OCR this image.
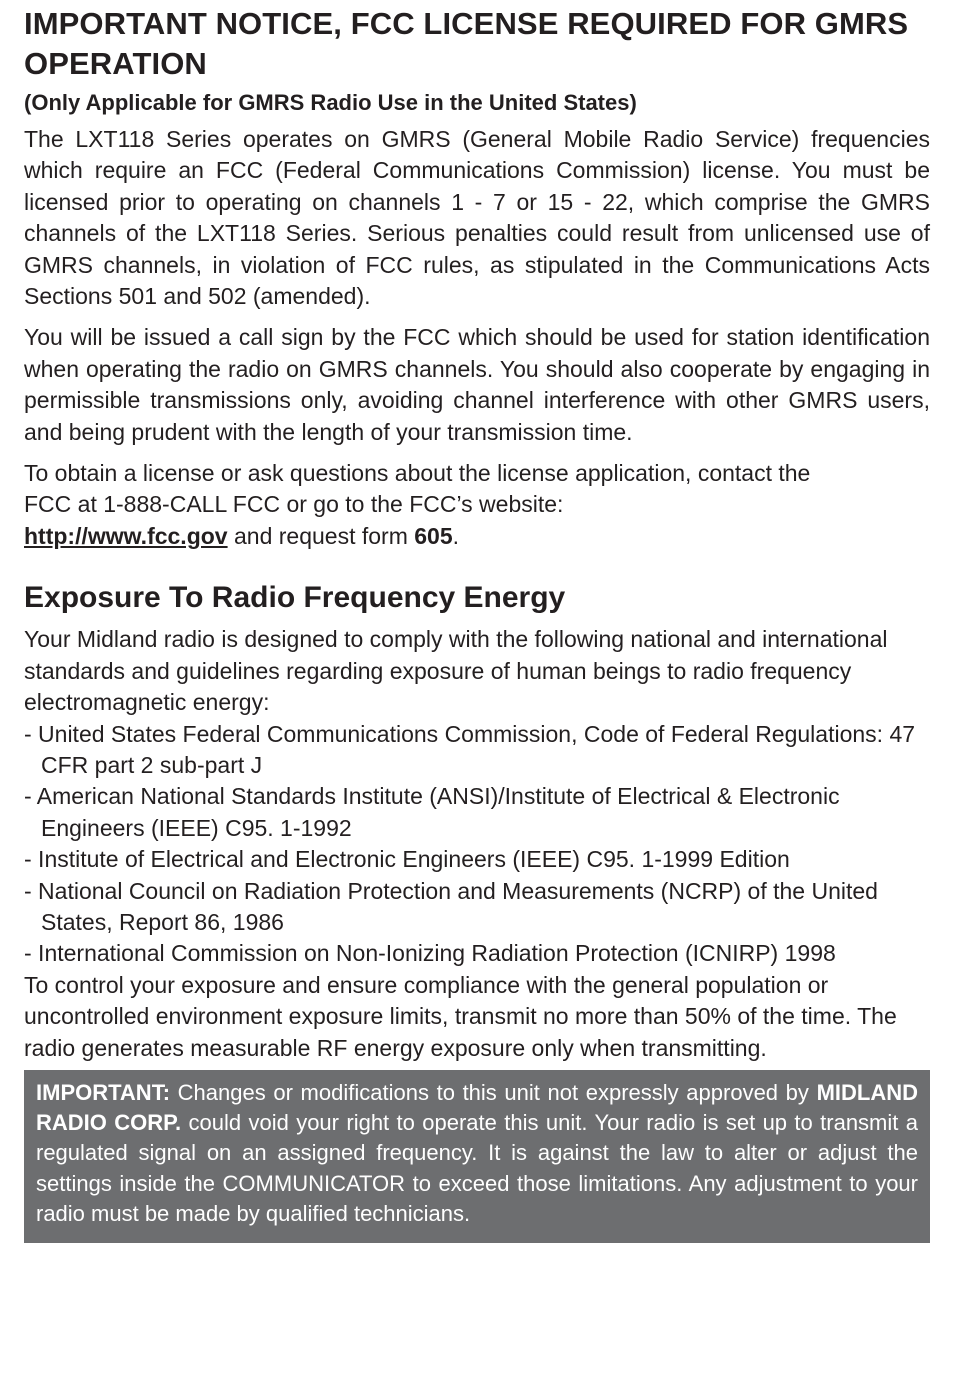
IMPORTANT NOTICE, FCC LICENSE REQUIRED FOR GMRS OPERATION
(Only Applicable for GMRS Radio Use in the United States)

The LXT118 Series operates on GMRS (General Mobile Radio Service) frequencies which require an FCC (Federal Communications Commission) license. You must be licensed prior to operating on channels 1 - 7 or 15 - 22, which comprise the GMRS channels of the LXT118 Series. Serious penalties could result from unlicensed use of GMRS channels, in violation of FCC rules, as stipulated in the Communications Acts Sections 501 and 502 (amended).

You will be issued a call sign by the FCC which should be used for station identification when operating the radio on GMRS channels. You should also cooperate by engaging in permissible transmissions only, avoiding channel interference with other GMRS users, and being prudent with the length of your transmission time.

To obtain a license or ask questions about the license application, contact the
FCC at 1-888-CALL FCC or go to the FCC’s website:
http://www.fcc.gov and request form 605.

Exposure To Radio Frequency Energy

Your Midland radio is designed to comply with the following national and international standards and guidelines regarding exposure of human beings to radio frequency electromagnetic energy:

- United States Federal Communications Commission, Code of Federal Regulations: 47 CFR part 2 sub-part J
- American National Standards Institute (ANSI)/Institute of Electrical & Electronic Engineers (IEEE) C95. 1-1992
- Institute of Electrical and Electronic Engineers (IEEE) C95. 1-1999 Edition
- National Council on Radiation Protection and Measurements (NCRP) of the United States, Report 86, 1986
- International Commission on Non-Ionizing Radiation Protection (ICNIRP) 1998

To control your exposure and ensure compliance with the general population or uncontrolled environment exposure limits, transmit no more than 50% of the time. The radio generates measurable RF energy exposure only when transmitting.

IMPORTANT: Changes or modifications to this unit not expressly approved by MIDLAND RADIO CORP. could void your right to operate this unit. Your radio is set up to transmit a regulated signal on an assigned frequency. It is against the law to alter or adjust the settings inside the COMMUNICATOR to exceed those limitations. Any adjustment to your radio must be made by qualified technicians.
